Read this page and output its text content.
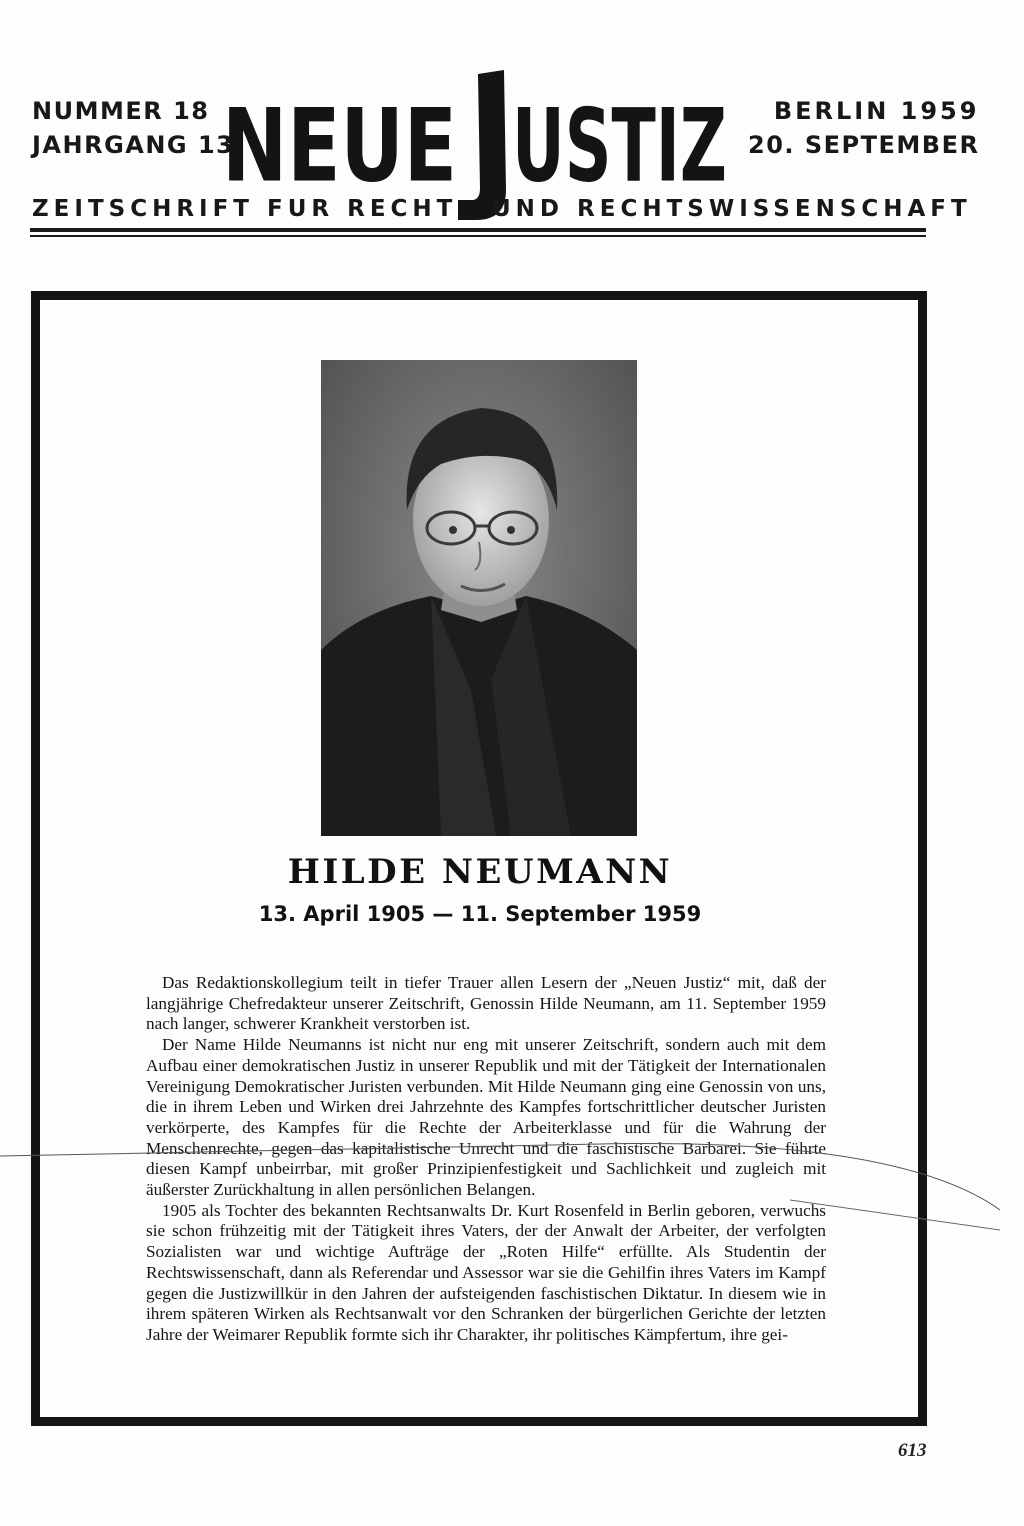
NUMMER 18
JAHRGANG 13
NEUE USTIZ	BERLIN 1959
20. SEPTEMBER
ZEITSCHRIFT FUR RECHT UND RECHTSWISSENSCHAFT
HILDE NEUMANN
13. April 1905 — 11. September 1959

Das Redaktionskollegium teilt in tiefer Trauer allen Lesern der „Neuen Justiz“ mit, daß der langjährige Chefredakteur unserer Zeitschrift, Genossin Hilde Neumann, am 11. September 1959 nach langer, schwerer Krankheit verstorben ist.

Der Name Hilde Neumanns ist nicht nur eng mit unserer Zeitschrift, sondern auch mit dem Aufbau einer demokratischen Justiz in unserer Republik und mit der Tätigkeit der Internationalen Vereinigung Demokratischer Juristen verbunden. Mit Hilde Neumann ging eine Genossin von uns, die in ihrem Leben und Wirken drei Jahrzehnte des Kampfes fortschrittlicher deutscher Juristen verkörperte, des Kampfes für die Rechte der Arbeiterklasse und für die Wahrung der Menschenrechte, gegen das kapitalistische Unrecht und die faschistische Barbarei. Sie führte diesen Kampf unbeirrbar, mit großer Prinzipienfestigkeit und Sachlichkeit und zugleich mit äußerster Zurückhaltung in allen persönlichen Belangen.

1905 als Tochter des bekannten Rechtsanwalts Dr. Kurt Rosenfeld in Berlin geboren, verwuchs sie schon frühzeitig mit der Tätigkeit ihres Vaters, der der Anwalt der Arbeiter, der verfolgten Sozialisten war und wichtige Aufträge der „Roten Hilfe“ erfüllte. Als Studentin der Rechtswissenschaft, dann als Referendar und Assessor war sie die Gehilfin ihres Vaters im Kampf gegen die Justizwillkür in den Jahren der aufsteigenden faschistischen Diktatur. In diesem wie in ihrem späteren Wirken als Rechtsanwalt vor den Schranken der bürgerlichen Gerichte der letzten Jahre der Weimarer Republik formte sich ihr Charakter, ihr politisches Kämpfertum, ihre gei-

613
